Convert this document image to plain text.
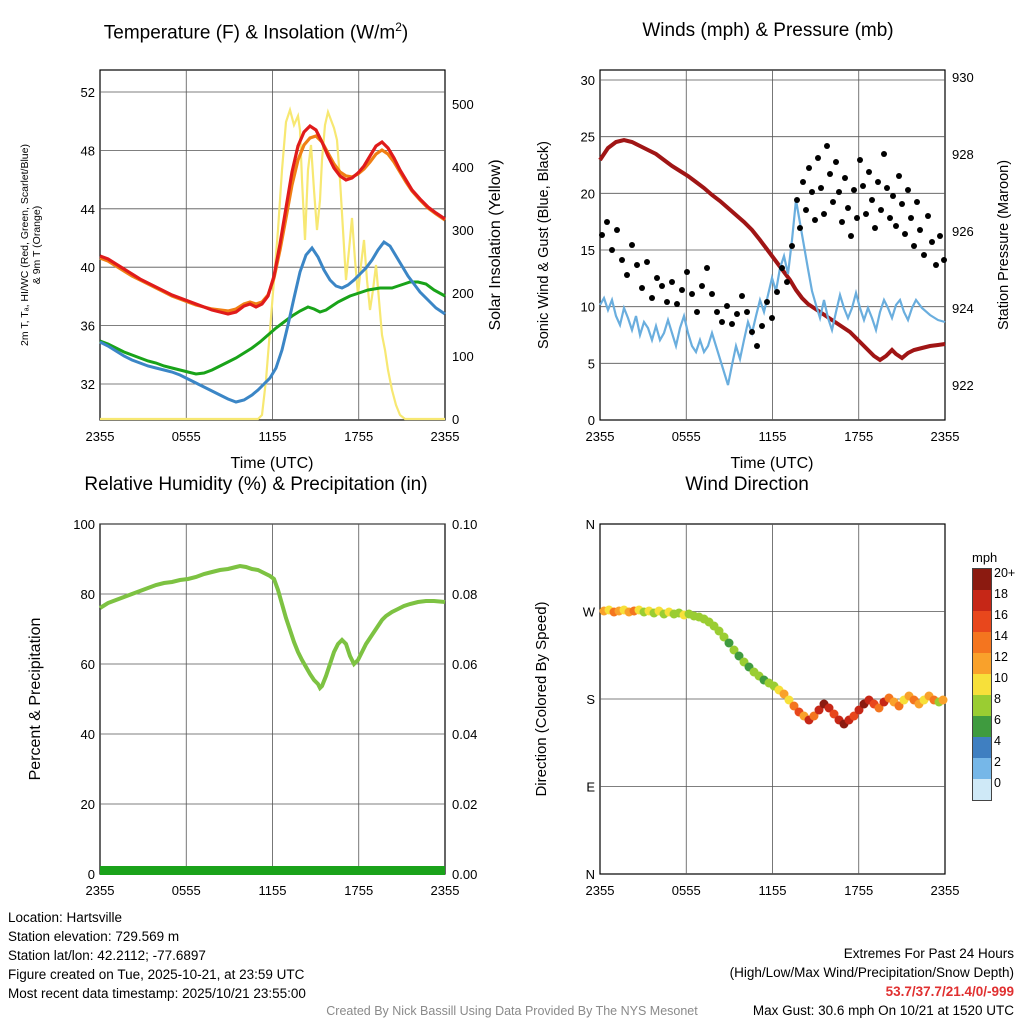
Temperature (F) & Insolation $(W/m^2)$
32
36
40
44
48
52
0
100
200
300
400
500
2355	0555	1155	1755	2355
Time (UTC)
2m T, Tₐ, HI/WC (Red, Green, Scarlet/Blue) & 9m T (Orange)	Solar Insolation (Yellow)
Winds (mph) & Pressure (mb)
0
5
10
15
20
25
30
922
924
926
928
930
2355	0555	1155	1755	2355
Time (UTC)
Sonic Wind & Gust (Blue, Black)	Station Pressure (Maroon)
Relative Humidity (%) & Precipitation (in)
0
20
40
60
80
100
0.00
0.02
0.04
0.06
0.08
0.10
2355	0555	1155	1755	2355
Percent & Precipitation
Wind Direction
N
W
S
E
N
2355	0555	1155	1755	2355
Direction (Colored By Speed)
mph
20+
18
16
14
12
10
8
6
4
2
0
Location: Hartsville
Station elevation: 729.569 m
Station lat/lon: 42.2112; -77.6897
Figure created on Tue, 2025-10-21, at 23:59 UTC
Most recent data timestamp: 2025/10/21 23:55:00
Extremes For Past 24 Hours
(High/Low/Max Wind/Precipitation/Snow Depth)
53.7/37.7/21.4/0/-999
Max Gust: 30.6 mph On 10/21 at 1520 UTC
Created By Nick Bassill Using Data Provided By The NYS Mesonet
